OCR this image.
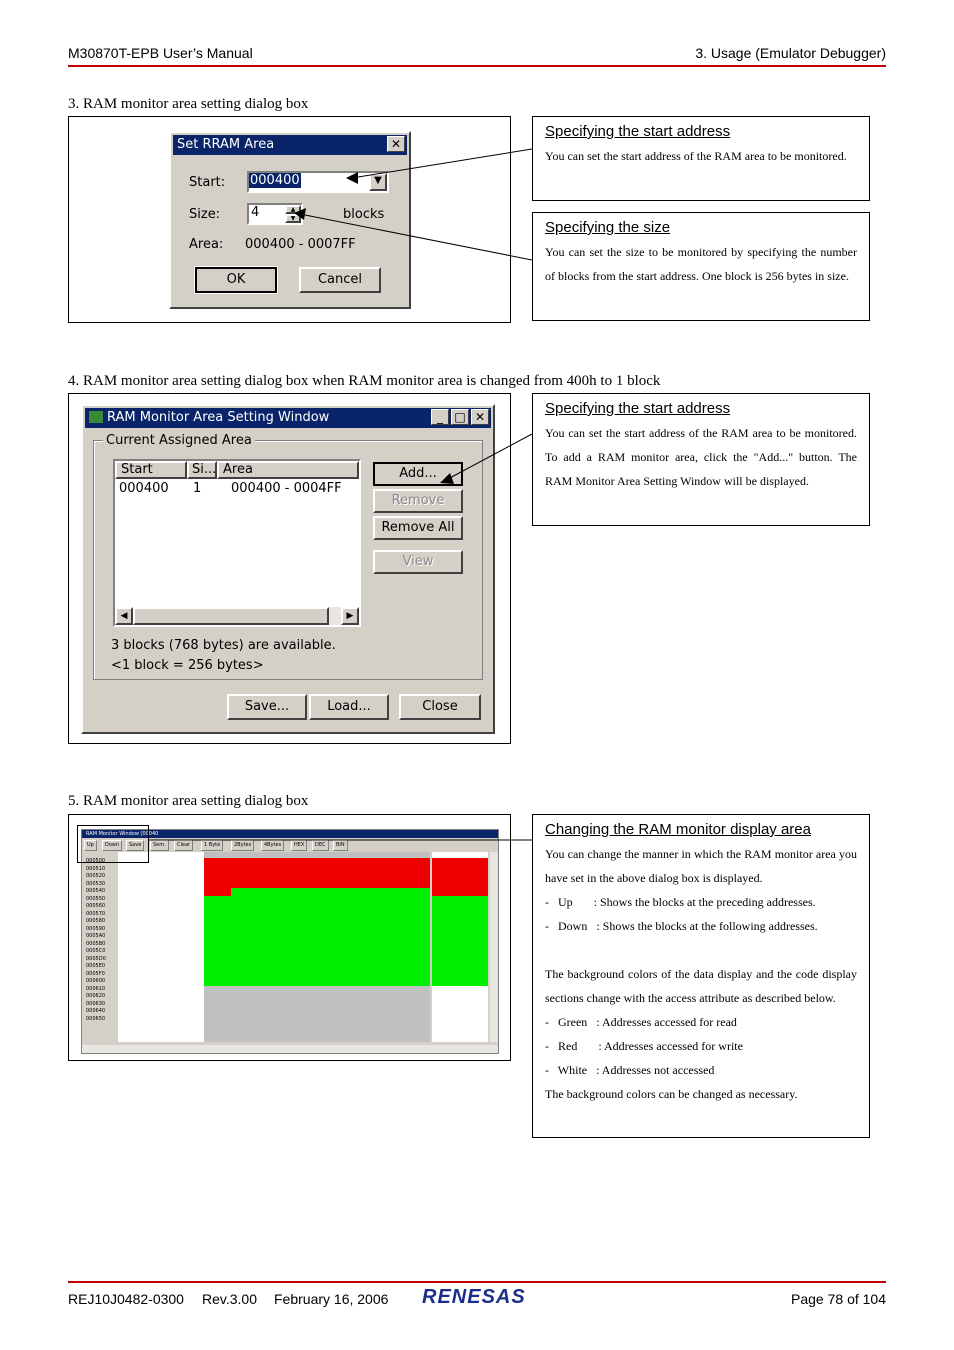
M30870T-EPB User’s Manual	3. Usage (Emulator Debugger)
3. RAM monitor area setting dialog box
Set RRAM Area	✕
Start: 000400	▼
Size:	4	▲
▼	blocks
Area: 000400 - 0007FF
OK	Cancel
Specifying the start address
You can set the start address of the RAM area to be monitored.
Specifying the size
You can set the size to be monitored by specifying the number of blocks from the start address. One block is 256 bytes in size.
4. RAM monitor area setting dialog box when RAM monitor area is changed from 400h to 1 block
RAM Monitor Area Setting Window	_ □ ✕
Current Assigned Area
Start	Si... Area
000400 1 000400 - 0004FF
◀	▶
Add...
Remove
Remove All
View
3 blocks (768 bytes) are available.
<1 block = 256 bytes>
Save...	Load...	Close
Specifying the start address
You can set the start address of the RAM area to be monitored. To add a RAM monitor area, click the "Add..." button. The RAM Monitor Area Setting Window will be displayed.
5. RAM monitor area setting dialog box
RAM Monitor Window [00040
Up	Down	Save	Sem.	Clear	1 Byte	2Bytes	4Bytes	HEX	DEC	BIN
000500
000510
000520
000530
000540
000550
000560
000570
000580
000590
0005A0
0005B0
0005C0
0005D0
0005E0
0005F0
000600
000610
000620
000630
000640
000650
Changing the RAM monitor display area

You can change the manner in which the RAM monitor area you have set in the above dialog box is displayed.

-   Up       : Shows the blocks at the preceding addresses.

-   Down   : Shows the blocks at the following addresses.

The background colors of the data display and the code display sections change with the access attribute as described below.

-   Green   : Addresses accessed for read

-   Red       : Addresses accessed for write

-   White   : Addresses not accessed

The background colors can be changed as necessary.

REJ10J0482-0300 Rev.3.00 February 16, 2006 RENESAS	Page 78 of 104
